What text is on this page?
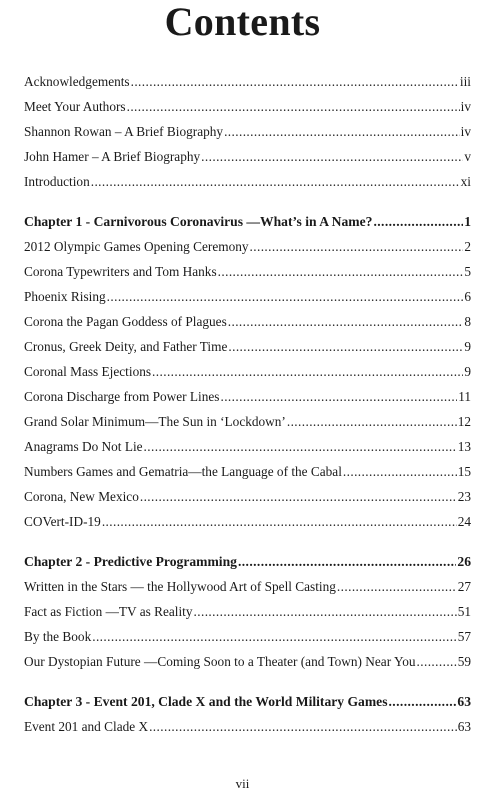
Contents
Acknowledgements .....	iii
Meet Your Authors .....	iv
Shannon Rowan – A Brief Biography .....	iv
John Hamer – A Brief Biography .....	v
Introduction .....	xi
Chapter 1 - Carnivorous Coronavirus —What’s in A Name? .....	1
2012 Olympic Games Opening Ceremony .....	2
Corona Typewriters and Tom Hanks .....	5
Phoenix Rising .....	6
Corona the Pagan Goddess of Plagues .....	8
Cronus, Greek Deity, and Father Time .....	9
Coronal Mass Ejections .....	9
Corona Discharge from Power Lines .....	11
Grand Solar Minimum—The Sun in ‘Lockdown’ .....	12
Anagrams Do Not Lie .....	13
Numbers Games and Gematria—the Language of the Cabal .....	15
Corona, New Mexico .....	23
COVert-ID-19 .....	24
Chapter 2 - Predictive Programming .....	26
Written in the Stars — the Hollywood Art of Spell Casting .....	27
Fact as Fiction —TV as Reality .....	51
By the Book .....	57
Our Dystopian Future —Coming Soon to a Theater (and Town) Near You .....	59
Chapter 3 - Event 201, Clade X and the World Military Games .....	63
Event 201 and Clade X .....	63
vii
